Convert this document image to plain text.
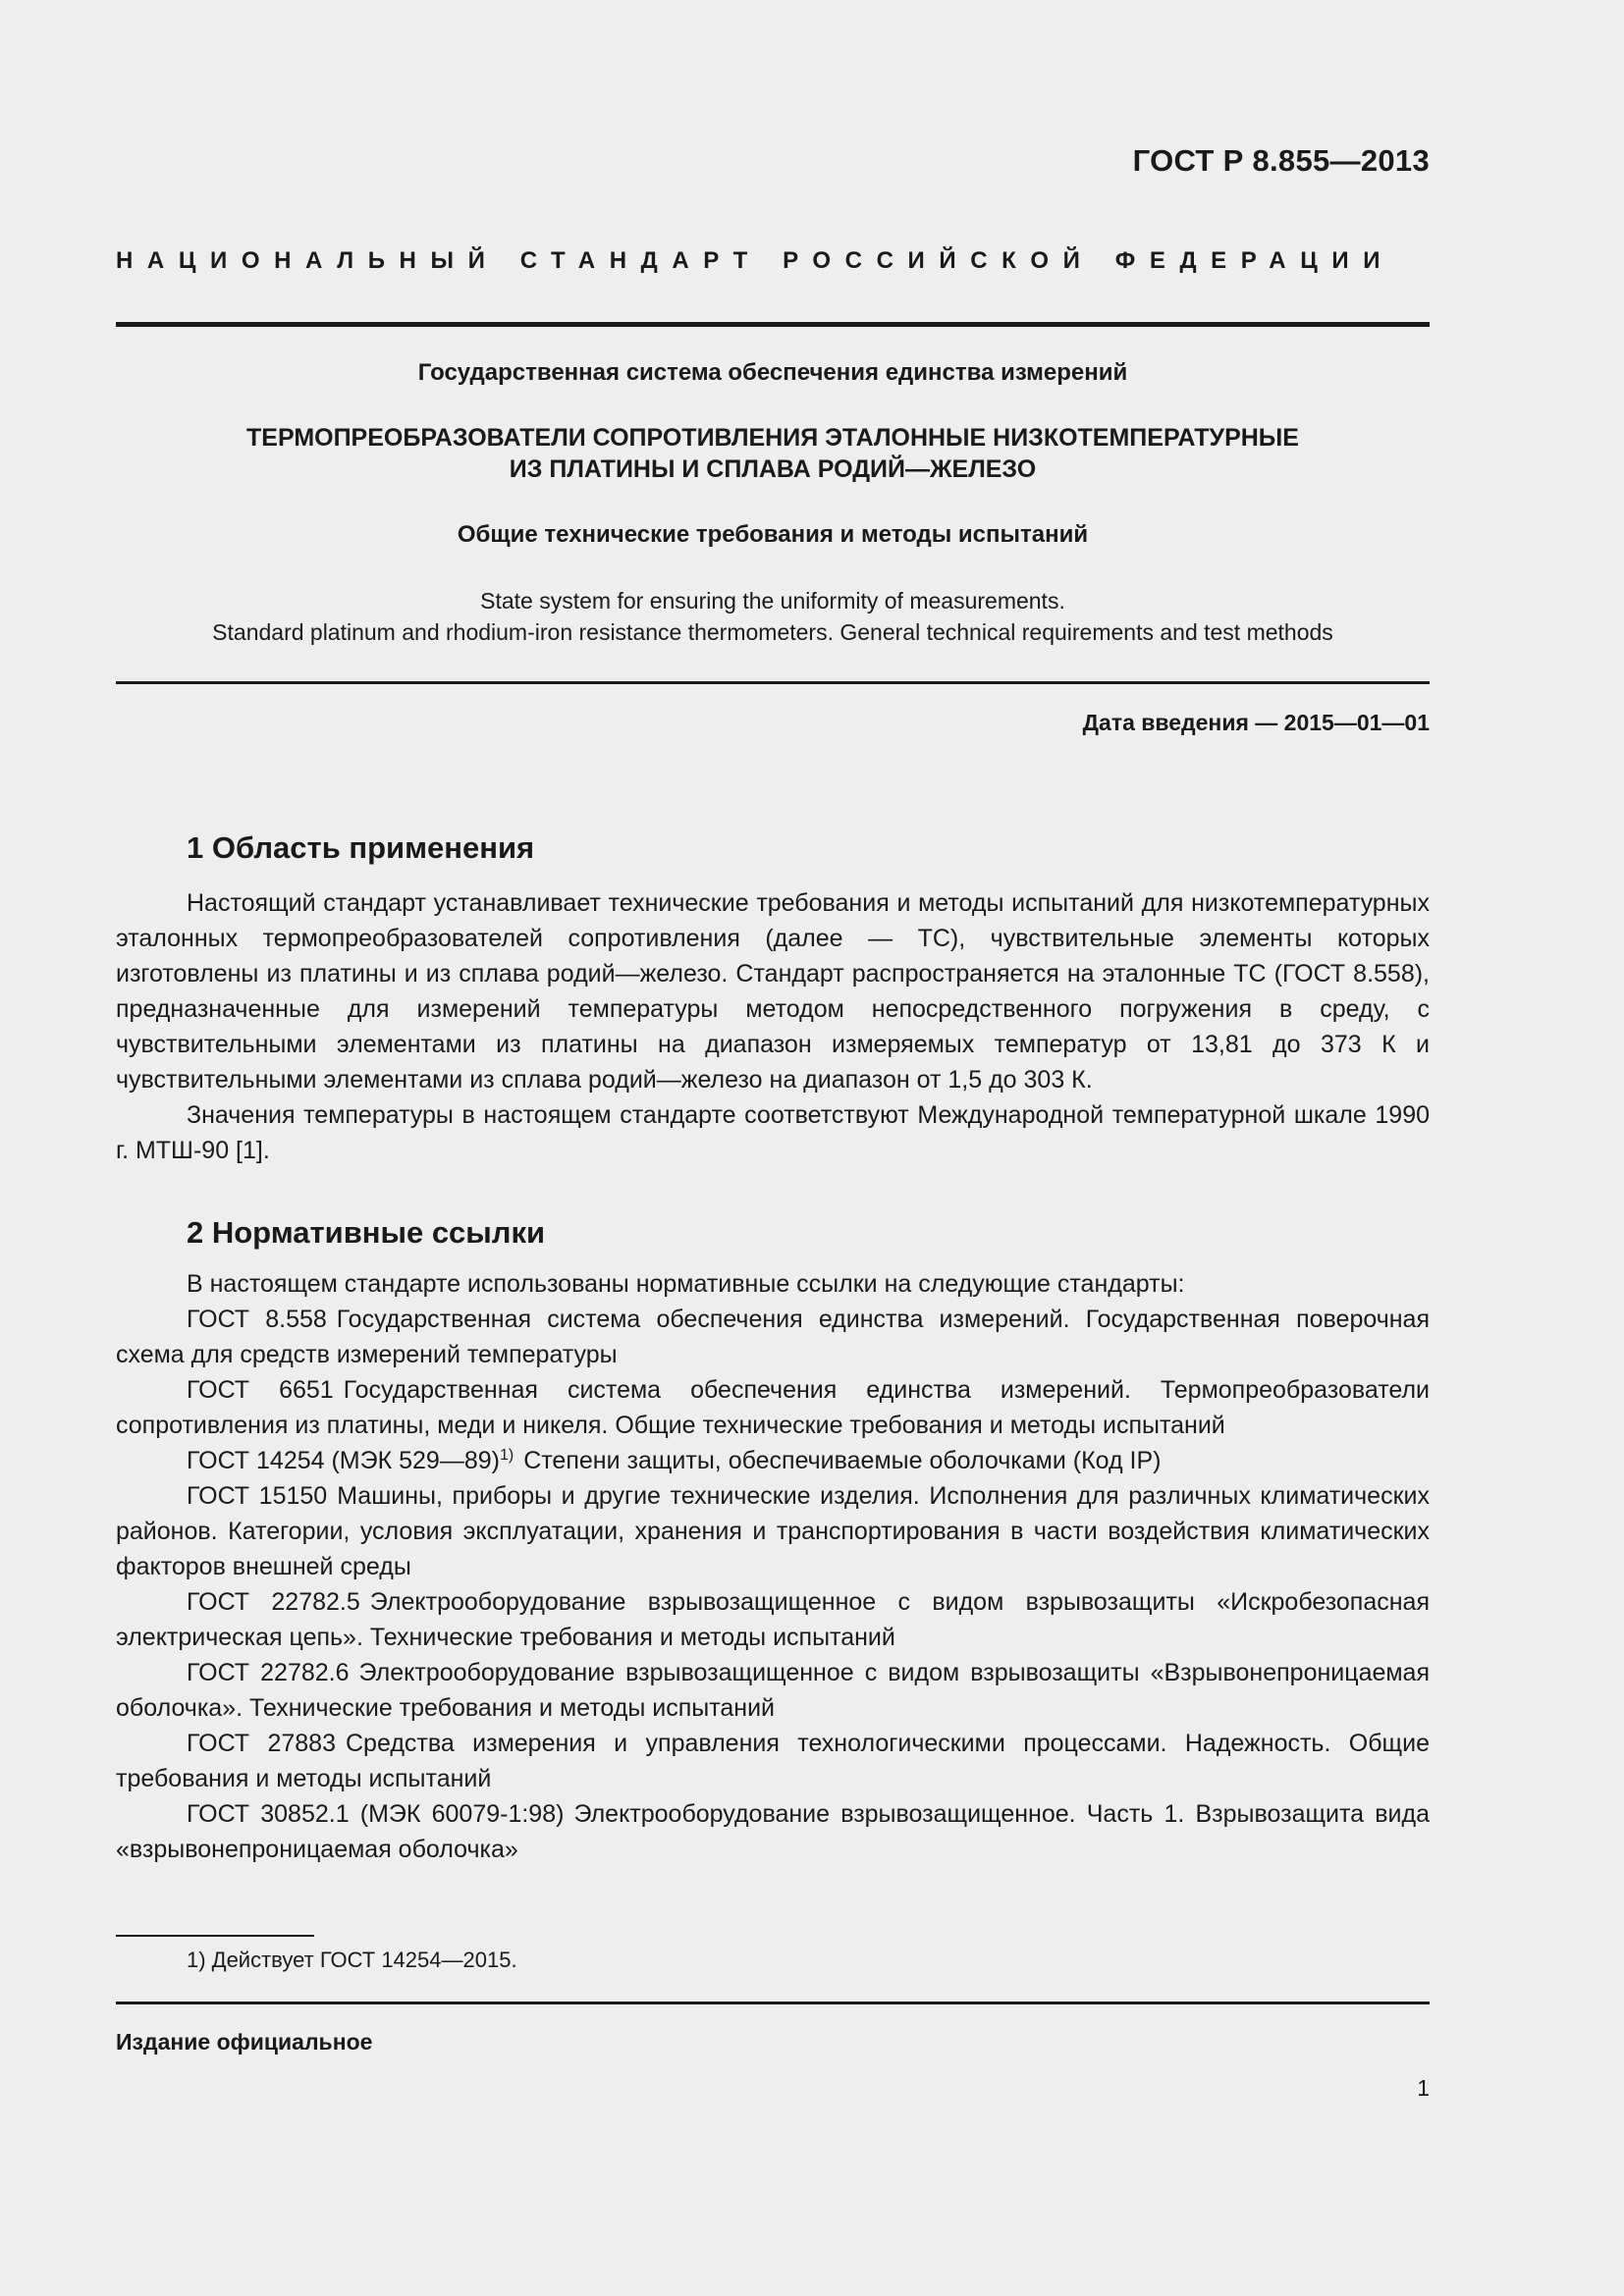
ГОСТ Р 8.855—2013
НАЦИОНАЛЬНЫЙ СТАНДАРТ РОССИЙСКОЙ ФЕДЕРАЦИИ
Государственная система обеспечения единства измерений
ТЕРМОПРЕОБРАЗОВАТЕЛИ СОПРОТИВЛЕНИЯ ЭТАЛОННЫЕ НИЗКОТЕМПЕРАТУРНЫЕ
ИЗ ПЛАТИНЫ И СПЛАВА РОДИЙ—ЖЕЛЕЗО
Общие технические требования и методы испытаний
State system for ensuring the uniformity of measurements.
Standard platinum and rhodium-iron resistance thermometers. General technical requirements and test methods
Дата введения — 2015—01—01
1 Область применения

Настоящий стандарт устанавливает технические требования и методы испытаний для низкотемпературных эталонных термопреобразователей сопротивления (далее — ТС), чувствительные элементы которых изготовлены из платины и из сплава родий—железо. Стандарт распространяется на эталонные ТС (ГОСТ 8.558), предназначенные для измерений температуры методом непосредственного погружения в среду, с чувствительными элементами из платины на диапазон измеряемых температур от 13,81 до 373 К и чувствительными элементами из сплава родий—железо на диапазон от 1,5 до 303 К.

Значения температуры в настоящем стандарте соответствуют Международной температурной шкале 1990 г. МТШ-90 [1].

2 Нормативные ссылки

В настоящем стандарте использованы нормативные ссылки на следующие стандарты:

ГОСТ 8.558 Государственная система обеспечения единства измерений. Государственная поверочная схема для средств измерений температуры

ГОСТ 6651 Государственная система обеспечения единства измерений. Термопреобразователи сопротивления из платины, меди и никеля. Общие технические требования и методы испытаний

ГОСТ 14254 (МЭК 529—89)$^{1)}$ Степени защиты, обеспечиваемые оболочками (Код IP)

ГОСТ 15150 Машины, приборы и другие технические изделия. Исполнения для различных климатических районов. Категории, условия эксплуатации, хранения и транспортирования в части воздействия климатических факторов внешней среды

ГОСТ 22782.5 Электрооборудование взрывозащищенное с видом взрывозащиты «Искробезопасная электрическая цепь». Технические требования и методы испытаний

ГОСТ 22782.6 Электрооборудование взрывозащищенное с видом взрывозащиты «Взрывонепроницаемая оболочка». Технические требования и методы испытаний

ГОСТ 27883 Средства измерения и управления технологическими процессами. Надежность. Общие требования и методы испытаний

ГОСТ 30852.1 (МЭК 60079-1:98) Электрооборудование взрывозащищенное. Часть 1. Взрывозащита вида «взрывонепроницаемая оболочка»

1) Действует ГОСТ 14254—2015.
Издание официальное
1
